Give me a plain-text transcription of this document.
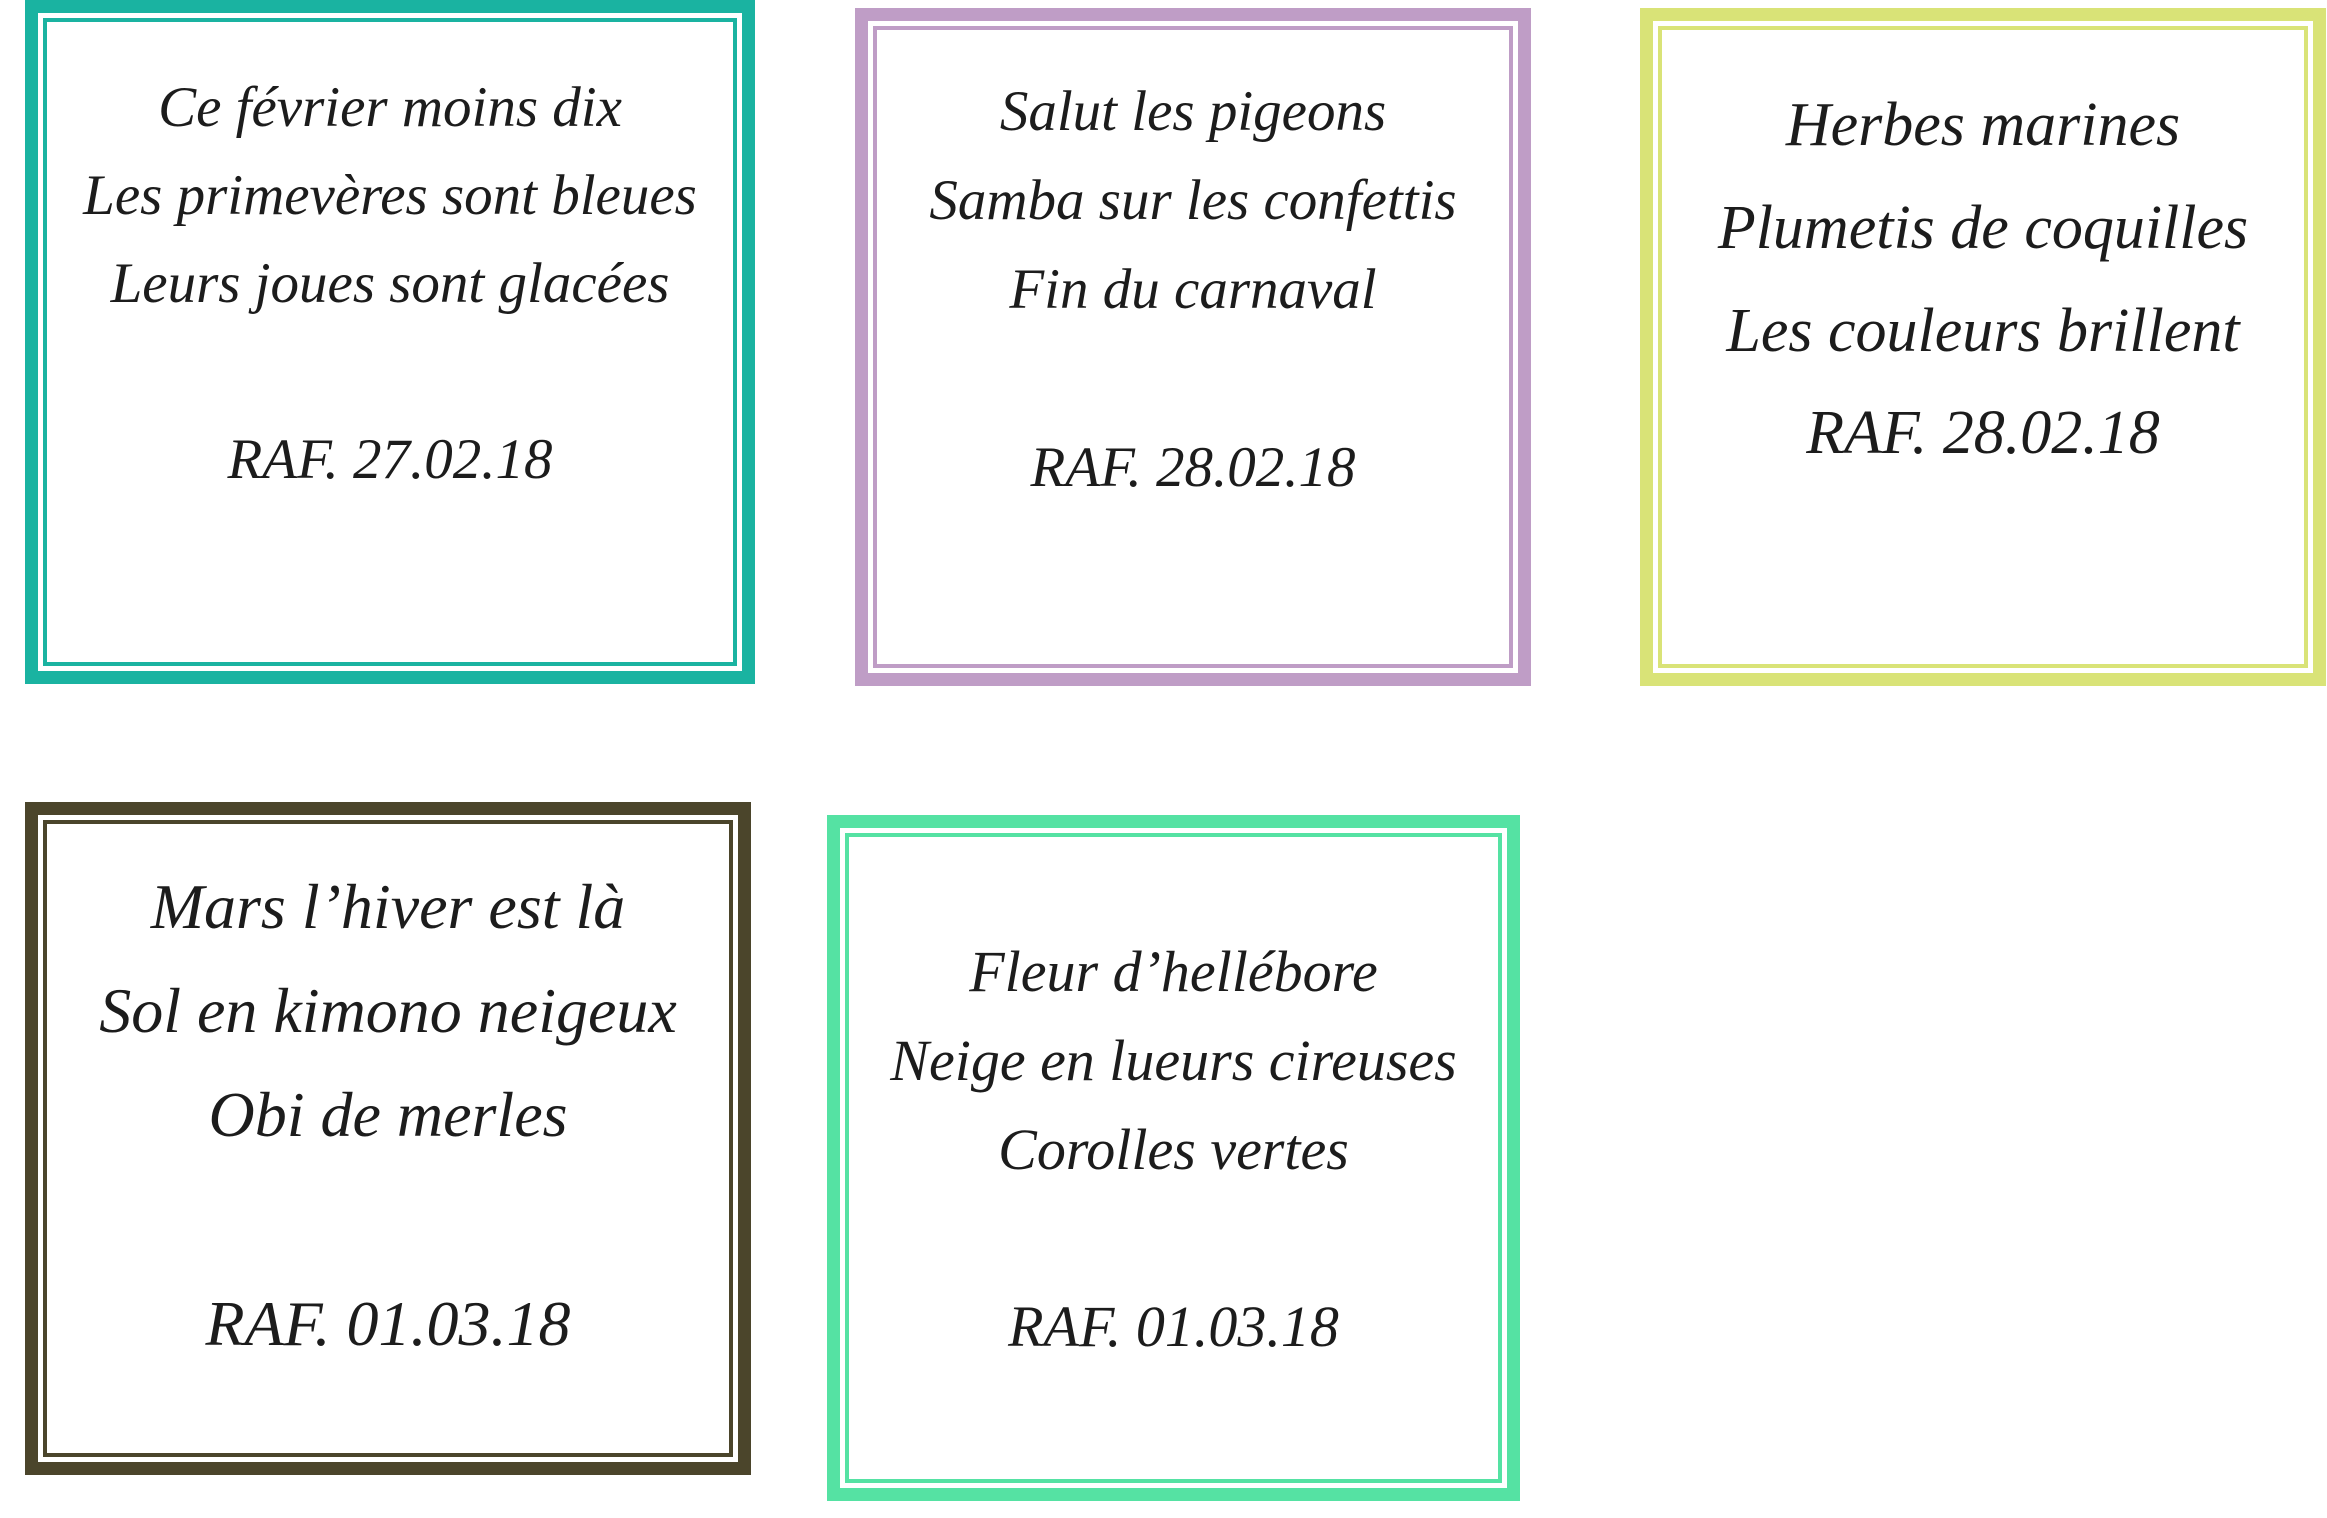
Ce février moins dix
Les primevères sont bleues
Leurs joues sont glacées
RAF. 27.02.18
Salut les pigeons
Samba sur les confettis
Fin du carnaval
RAF. 28.02.18
Herbes marines
Plumetis de coquilles
Les couleurs brillent
RAF. 28.02.18
Mars l’hiver est là
Sol en kimono neigeux
Obi de merles
RAF. 01.03.18
Fleur d’hellébore
Neige en lueurs cireuses
Corolles vertes
RAF. 01.03.18
